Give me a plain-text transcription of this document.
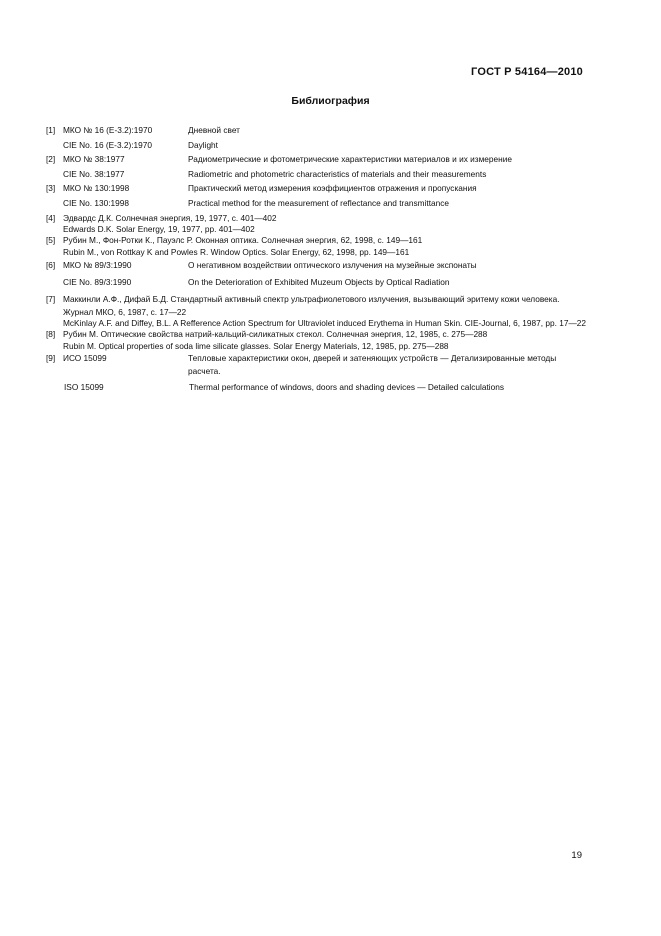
ГОСТ Р 54164—2010
Библиография
[1] МКО № 16 (Е-3.2):1970	Дневной свет
CIE No. 16 (E-3.2):1970	Daylight
[2] МКО № 38:1977	Радиометрические и фотометрические характеристики материалов и их измерение
CIE No. 38:1977	Radiometric and photometric characteristics of materials and their measurements
[3] МКО № 130:1998	Практический метод измерения коэффициентов отражения и пропускания
CIE No. 130:1998	Practical method for the measurement of reflectance and transmittance
[4] Эдвардс Д.К. Солнечная энергия, 19, 1977, с. 401—402
Edwards D.K. Solar Energy, 19, 1977, pp. 401—402
[5] Рубин М., Фон-Ротки К., Пауэлс Р. Оконная оптика. Солнечная энергия, 62, 1998, с. 149—161
Rubin M., von Rottkay K and Powles R. Window Optics. Solar Energy, 62, 1998, pp. 149—161
[6] МКО № 89/3:1990	О негативном воздействии оптического излучения на музейные экспонаты
CIE No. 89/3:1990	On the Deterioration of Exhibited Muzeum Objects by Optical Radiation
[7] Маккинли А.Ф., Дифай Б.Д. Стандартный активный спектр ультрафиолетового излучения, вызывающий эритему кожи человека. Журнал МКО, 6, 1987, с. 17—22
McKinlay A.F. and Diffey, B.L. A Refference Action Spectrum for Ultraviolet induced Erythema in Human Skin. CIE-Journal, 6, 1987, pp. 17—22
[8] Рубин М. Оптические свойства натрий-кальций-силикатных стекол. Солнечная энергия, 12, 1985, с. 275—288
Rubin M. Optical properties of soda lime silicate glasses. Solar Energy Materials, 12, 1985, pp. 275—288
[9] ИСО 15099	Тепловые характеристики окон, дверей и затеняющих устройств — Детализированные методы расчета.
ISO 15099	Thermal performance of windows, doors and shading devices — Detailed calculations
19
